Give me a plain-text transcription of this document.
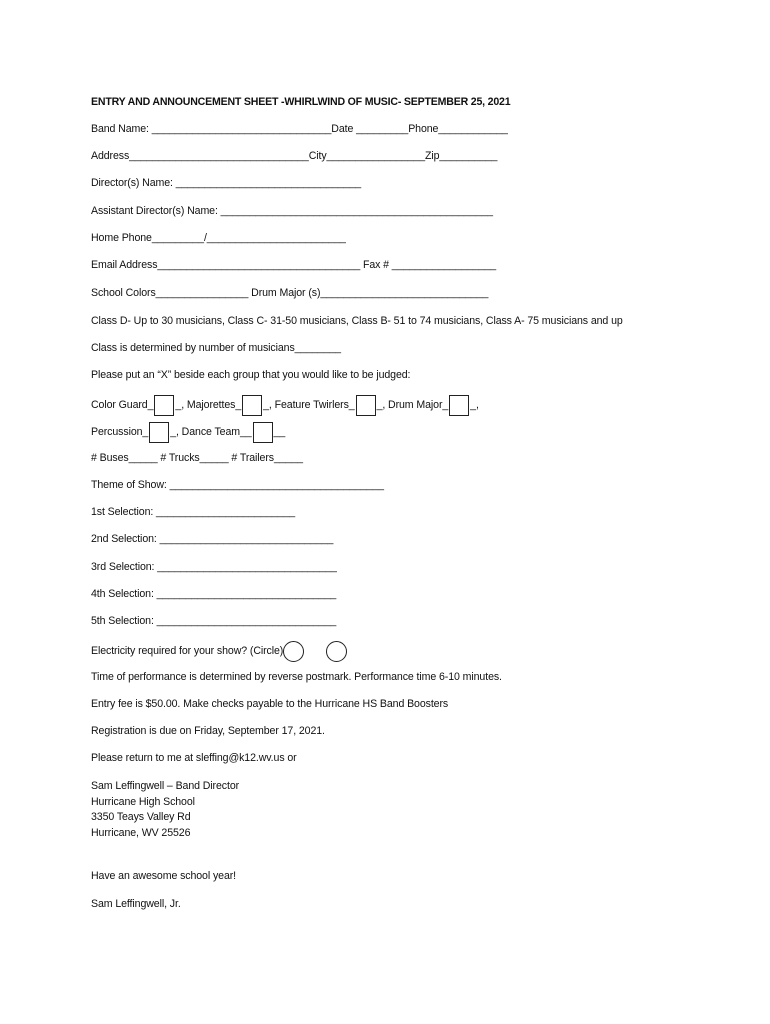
ENTRY AND ANNOUNCEMENT SHEET -WHIRLWIND OF MUSIC- SEPTEMBER 25, 2021
Band Name: _______________________________Date _________Phone____________
Address_______________________________City_________________Zip__________
Director(s) Name: ________________________________
Assistant Director(s) Name: _______________________________________________
Home Phone_________/________________________
Email Address___________________________________ Fax # __________________
School Colors________________ Drum Major (s)_____________________________
Class D- Up to 30 musicians, Class C- 31-50 musicians, Class B- 51 to 74 musicians, Class A- 75 musicians and up
Class is determined by number of musicians________
Please put an “X” beside each group that you would like to be judged:
Color Guard_ _, Majorettes_ _, Feature Twirlers_ _, Drum Major_ _,
Percussion_ _, Dance Team__ __
# Buses_____ # Trucks_____ # Trailers_____
Theme of Show: _____________________________________
1st Selection: ________________________
2nd Selection: ______________________________
3rd Selection: _______________________________
4th Selection: _______________________________
5th Selection: _______________________________
Electricity required for your show? (Circle)
Time of performance is determined by reverse postmark. Performance time 6-10 minutes.
Entry fee is $50.00. Make checks payable to the Hurricane HS Band Boosters
Registration is due on Friday, September 17, 2021.
Please return to me at sleffing@k12.wv.us or
Sam Leffingwell – Band Director
Hurricane High School
3350 Teays Valley Rd
Hurricane, WV 25526
Have an awesome school year!
Sam Leffingwell, Jr.
